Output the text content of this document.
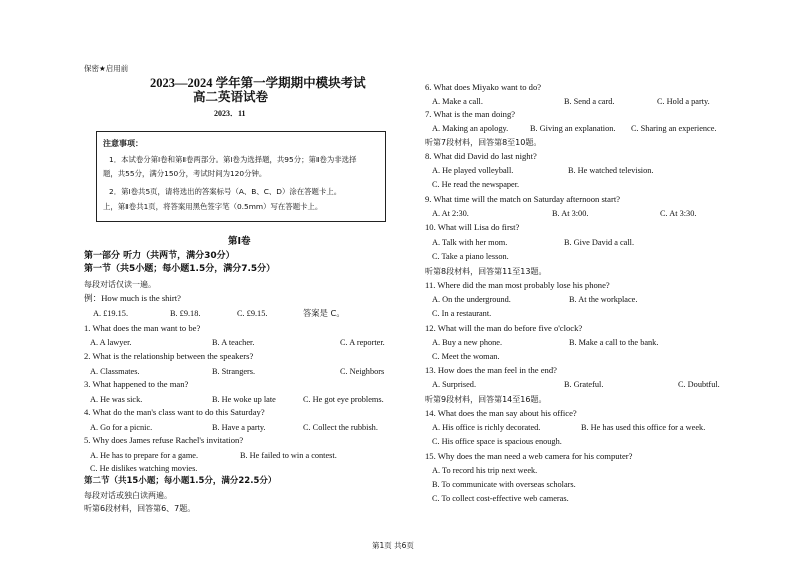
保密★启用前
2023—2024 学年第一学期期中模块考试
高二英语试卷
2023．11
注意事项：
1．本试卷分第Ⅰ卷和第Ⅱ卷两部分。第Ⅰ卷为选择题，共95分；第Ⅱ卷为非选择
题，共55分，满分150分，考试时间为120分钟。
2．第Ⅰ卷共5页，请将选出的答案标号（A、B、C、D）涂在答题卡上。
上，第Ⅱ卷共1页，将答案用黑色签字笔（0.5mm）写在答题卡上。
第Ⅰ卷
第一部分 听力（共两节，满分30分）
第一节（共5小题；每小题1.5分，满分7.5分）
每段对话仅读一遍。
例：How much is the shirt?
A. £19.15.	B. £9.18.	C. £9.15.	答案是 C。
1. What does the man want to be?
A. A lawyer.	B. A teacher.	C. A reporter.
2. What is the relationship between the speakers?
A. Classmates.	B. Strangers.	C. Neighbors
3. What happened to the man?
A. He was sick.	B. He woke up late	C. He got eye problems.
4. What do the man's class want to do this Saturday?
A. Go for a picnic.	B. Have a party.	C. Collect the rubbish.
5. Why does James refuse Rachel's invitation?
A. He has to prepare for a game.	B. He failed to win a contest.
C. He dislikes watching movies.
第二节（共15小题；每小题1.5分，满分22.5分）
每段对话或独白读两遍。
听第6段材料，回答第6、7题。
6. What does Miyako want to do?
A. Make a call.	B. Send a card.	C. Hold a party.
7. What is the man doing?
A. Making an apology.	B. Giving an explanation. C. Sharing an experience.
听第7段材料，回答第8至10题。
8. What did David do last night?
A. He played volleyball.	B. He watched television.
C. He read the newspaper.
9. What time will the match on Saturday afternoon start?
A. At 2:30.	B. At 3:00.	C. At 3:30.
10. What will Lisa do first?
A. Talk with her mom.	B. Give David a call.
C. Take a piano lesson.
听第8段材料，回答第11至13题。
11. Where did the man most probably lose his phone?
A. On the underground.	B. At the workplace.
C. In a restaurant.
12. What will the man do before five o'clock?
A. Buy a new phone.	B. Make a call to the bank.
C. Meet the woman.
13. How does the man feel in the end?
A. Surprised.	B. Grateful.	C. Doubtful.
听第9段材料，回答第14至16题。
14. What does the man say about his office?
A. His office is richly decorated.	B. He has used this office for a week.
C. His office space is spacious enough.
15. Why does the man need a web camera for his computer?
A. To record his trip next week.
B. To communicate with overseas scholars.
C. To collect cost-effective web cameras.
第1页 共6页
